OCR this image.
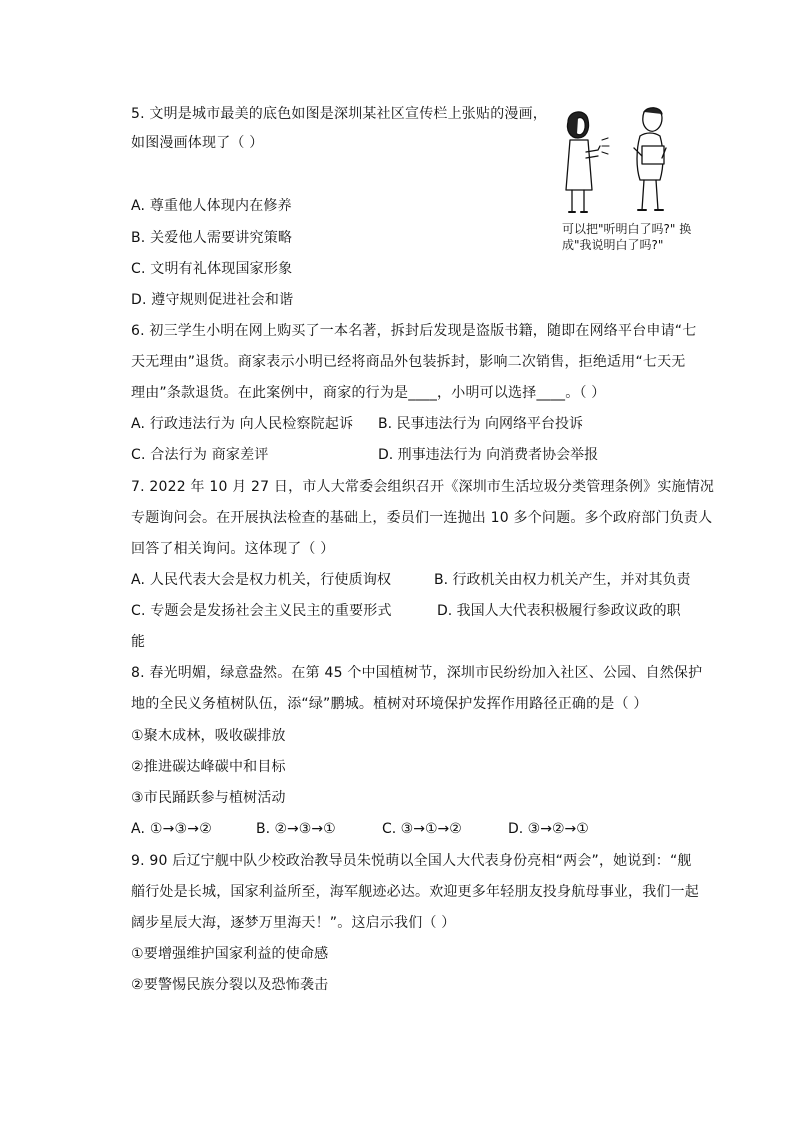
5. 文明是城市最美的底色如图是深圳某社区宣传栏上张贴的漫画，
如图漫画体现了（ ）
可以把"听明白了吗?" 换
成"我说明白了吗?"
A. 尊重他人体现内在修养
B. 关爱他人需要讲究策略
C. 文明有礼体现国家形象
D. 遵守规则促进社会和谐
6. 初三学生小明在网上购买了一本名著，拆封后发现是盗版书籍，随即在网络平台申请“七
天无理由”退货。商家表示小明已经将商品外包装拆封，影响二次销售，拒绝适用“七天无
理由”条款退货。在此案例中，商家的行为是____，小明可以选择____。（ ）
A. 行政违法行为 向人民检察院起诉 B. 民事违法行为 向网络平台投诉
C. 合法行为 商家差评	D. 刑事违法行为 向消费者协会举报
7. 2022 年 10 月 27 日，市人大常委会组织召开《深圳市生活垃圾分类管理条例》实施情况
专题询问会。在开展执法检查的基础上，委员们一连抛出 10 多个问题。多个政府部门负责人
回答了相关询问。这体现了（ ）
A. 人民代表大会是权力机关，行使质询权	B. 行政机关由权力机关产生，并对其负责
C. 专题会是发扬社会主义民主的重要形式	D. 我国人大代表积极履行参政议政的职
能
8. 春光明媚，绿意盎然。在第 45 个中国植树节，深圳市民纷纷加入社区、公园、自然保护
地的全民义务植树队伍，添“绿”鹏城。植树对环境保护发挥作用路径正确的是（ ）
①聚木成林，吸收碳排放
②推进碳达峰碳中和目标
③市民踊跃参与植树活动
A. ①→③→②	B. ②→③→①	C. ③→①→②	D. ③→②→①
9. 90 后辽宁舰中队少校政治教导员朱悦萌以全国人大代表身份亮相“两会”，她说到：“舰
艏行处是长城，国家利益所至，海军舰迹必达。欢迎更多年轻朋友投身航母事业，我们一起
阔步星辰大海，逐梦万里海天！”。这启示我们（ ）
①要增强维护国家利益的使命感
②要警惕民族分裂以及恐怖袭击
